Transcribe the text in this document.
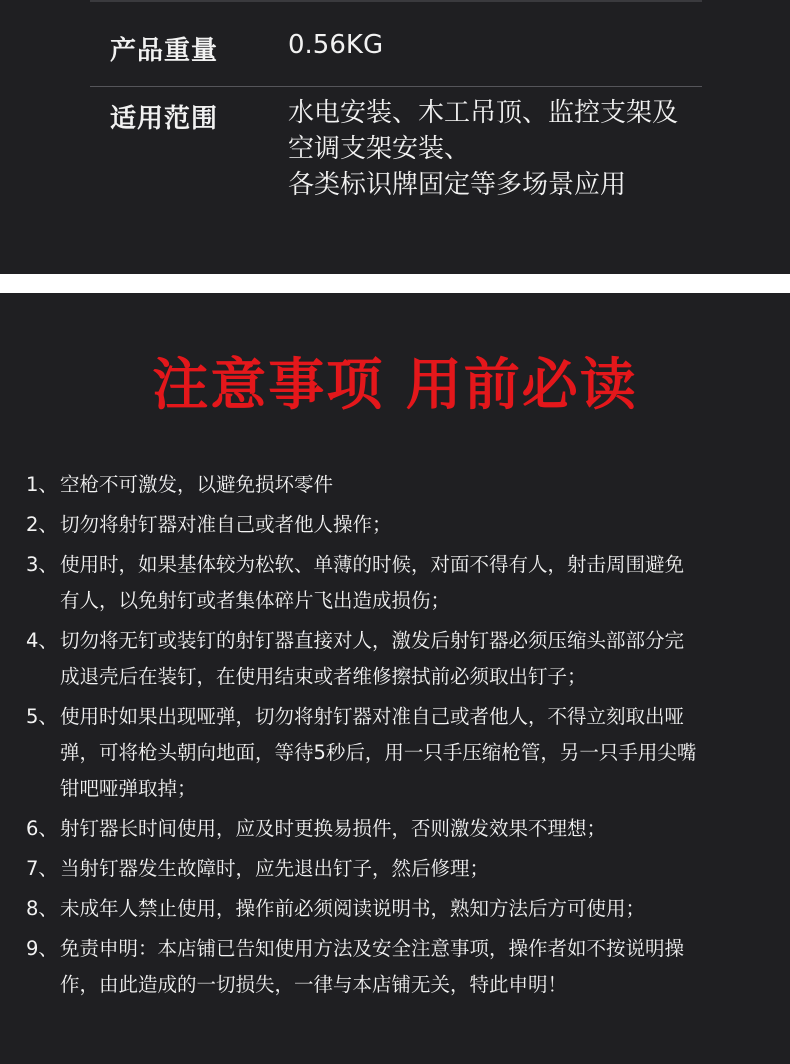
产品重量	0.56KG
适用范围	水电安装、木工吊顶、监控支架及
空调支架安装、
各类标识牌固定等多场景应用
注意事项 用前必读
1、 空枪不可激发，以避免损坏零件
2、 切勿将射钉器对准自己或者他人操作；
3、 使用时，如果基体较为松软、单薄的时候，对面不得有人，射击周围避免
有人，以免射钉或者集体碎片飞出造成损伤；
4、 切勿将无钉或装钉的射钉器直接对人，激发后射钉器必须压缩头部部分完
成退壳后在装钉，在使用结束或者维修擦拭前必须取出钉子；
5、 使用时如果出现哑弹，切勿将射钉器对准自己或者他人，不得立刻取出哑
弹，可将枪头朝向地面，等待5秒后，用一只手压缩枪管，另一只手用尖嘴
钳吧哑弹取掉；
6、 射钉器长时间使用，应及时更换易损件，否则激发效果不理想；
7、 当射钉器发生故障时，应先退出钉子，然后修理；
8、 未成年人禁止使用，操作前必须阅读说明书，熟知方法后方可使用；
9、 免责申明：本店铺已告知使用方法及安全注意事项，操作者如不按说明操
作，由此造成的一切损失，一律与本店铺无关，特此申明！
